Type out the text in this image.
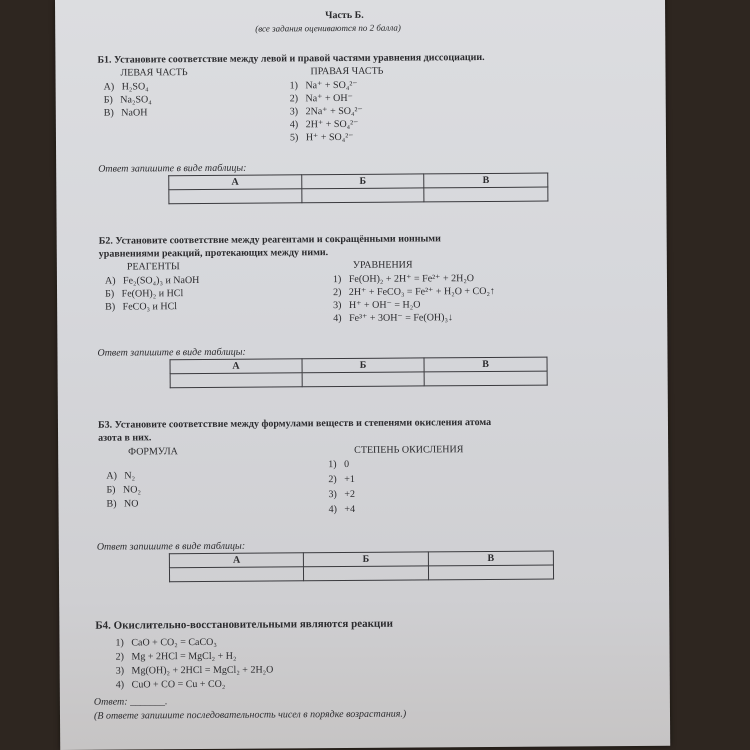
Часть Б.
(все задания оцениваются по 2 балла)
Б1. Установите соответствие между левой и правой частями уравнения диссоциации.
ЛЕВАЯ ЧАСТЬ	ПРАВАЯ ЧАСТЬ
А) H₂SO₄
Б) Na₂SO₄
В) NaOH
1) Na⁺ + SO₄²⁻
2) Na⁺ + OH⁻
3) 2Na⁺ + SO₄²⁻
4) 2H⁺ + SO₄²⁻
5) H⁺ + SO₄²⁻
Ответ запишите в виде таблицы:
А	Б	В

Б2. Установите соответствие между реагентами и сокращёнными ионными
уравнениями реакций, протекающих между ними.
РЕАГЕНТЫ	УРАВНЕНИЯ
А) Fe₂(SO₄)₃ и NaOH
Б) Fe(OH)₂ и HCl
В) FeCO₃ и HCl
1) Fe(OH)₂ + 2H⁺ = Fe²⁺ + 2H₂O
2) 2H⁺ + FeCO₃ = Fe²⁺ + H₂O + CO₂↑
3) H⁺ + OH⁻ = H₂O
4) Fe³⁺ + 3OH⁻ = Fe(OH)₃↓
Ответ запишите в виде таблицы:
А	Б	В

Б3. Установите соответствие между формулами веществ и степенями окисления атома
азота в них.
ФОРМУЛА	СТЕПЕНЬ ОКИСЛЕНИЯ
А) N₂
Б) NO₂
В) NO
1) 0
2) +1
3) +2
4) +4
Ответ запишите в виде таблицы:
А	Б	В

Б4. Окислительно-восстановительными являются реакции
1) CaO + CO₂ = CaCO₃
2) Mg + 2HCl = MgCl₂ + H₂
3) Mg(OH)₂ + 2HCl = MgCl₂ + 2H₂O
4) CuO + CO = Cu + CO₂
Ответ: _______.
(В ответе запишите последовательность чисел в порядке возрастания.)
